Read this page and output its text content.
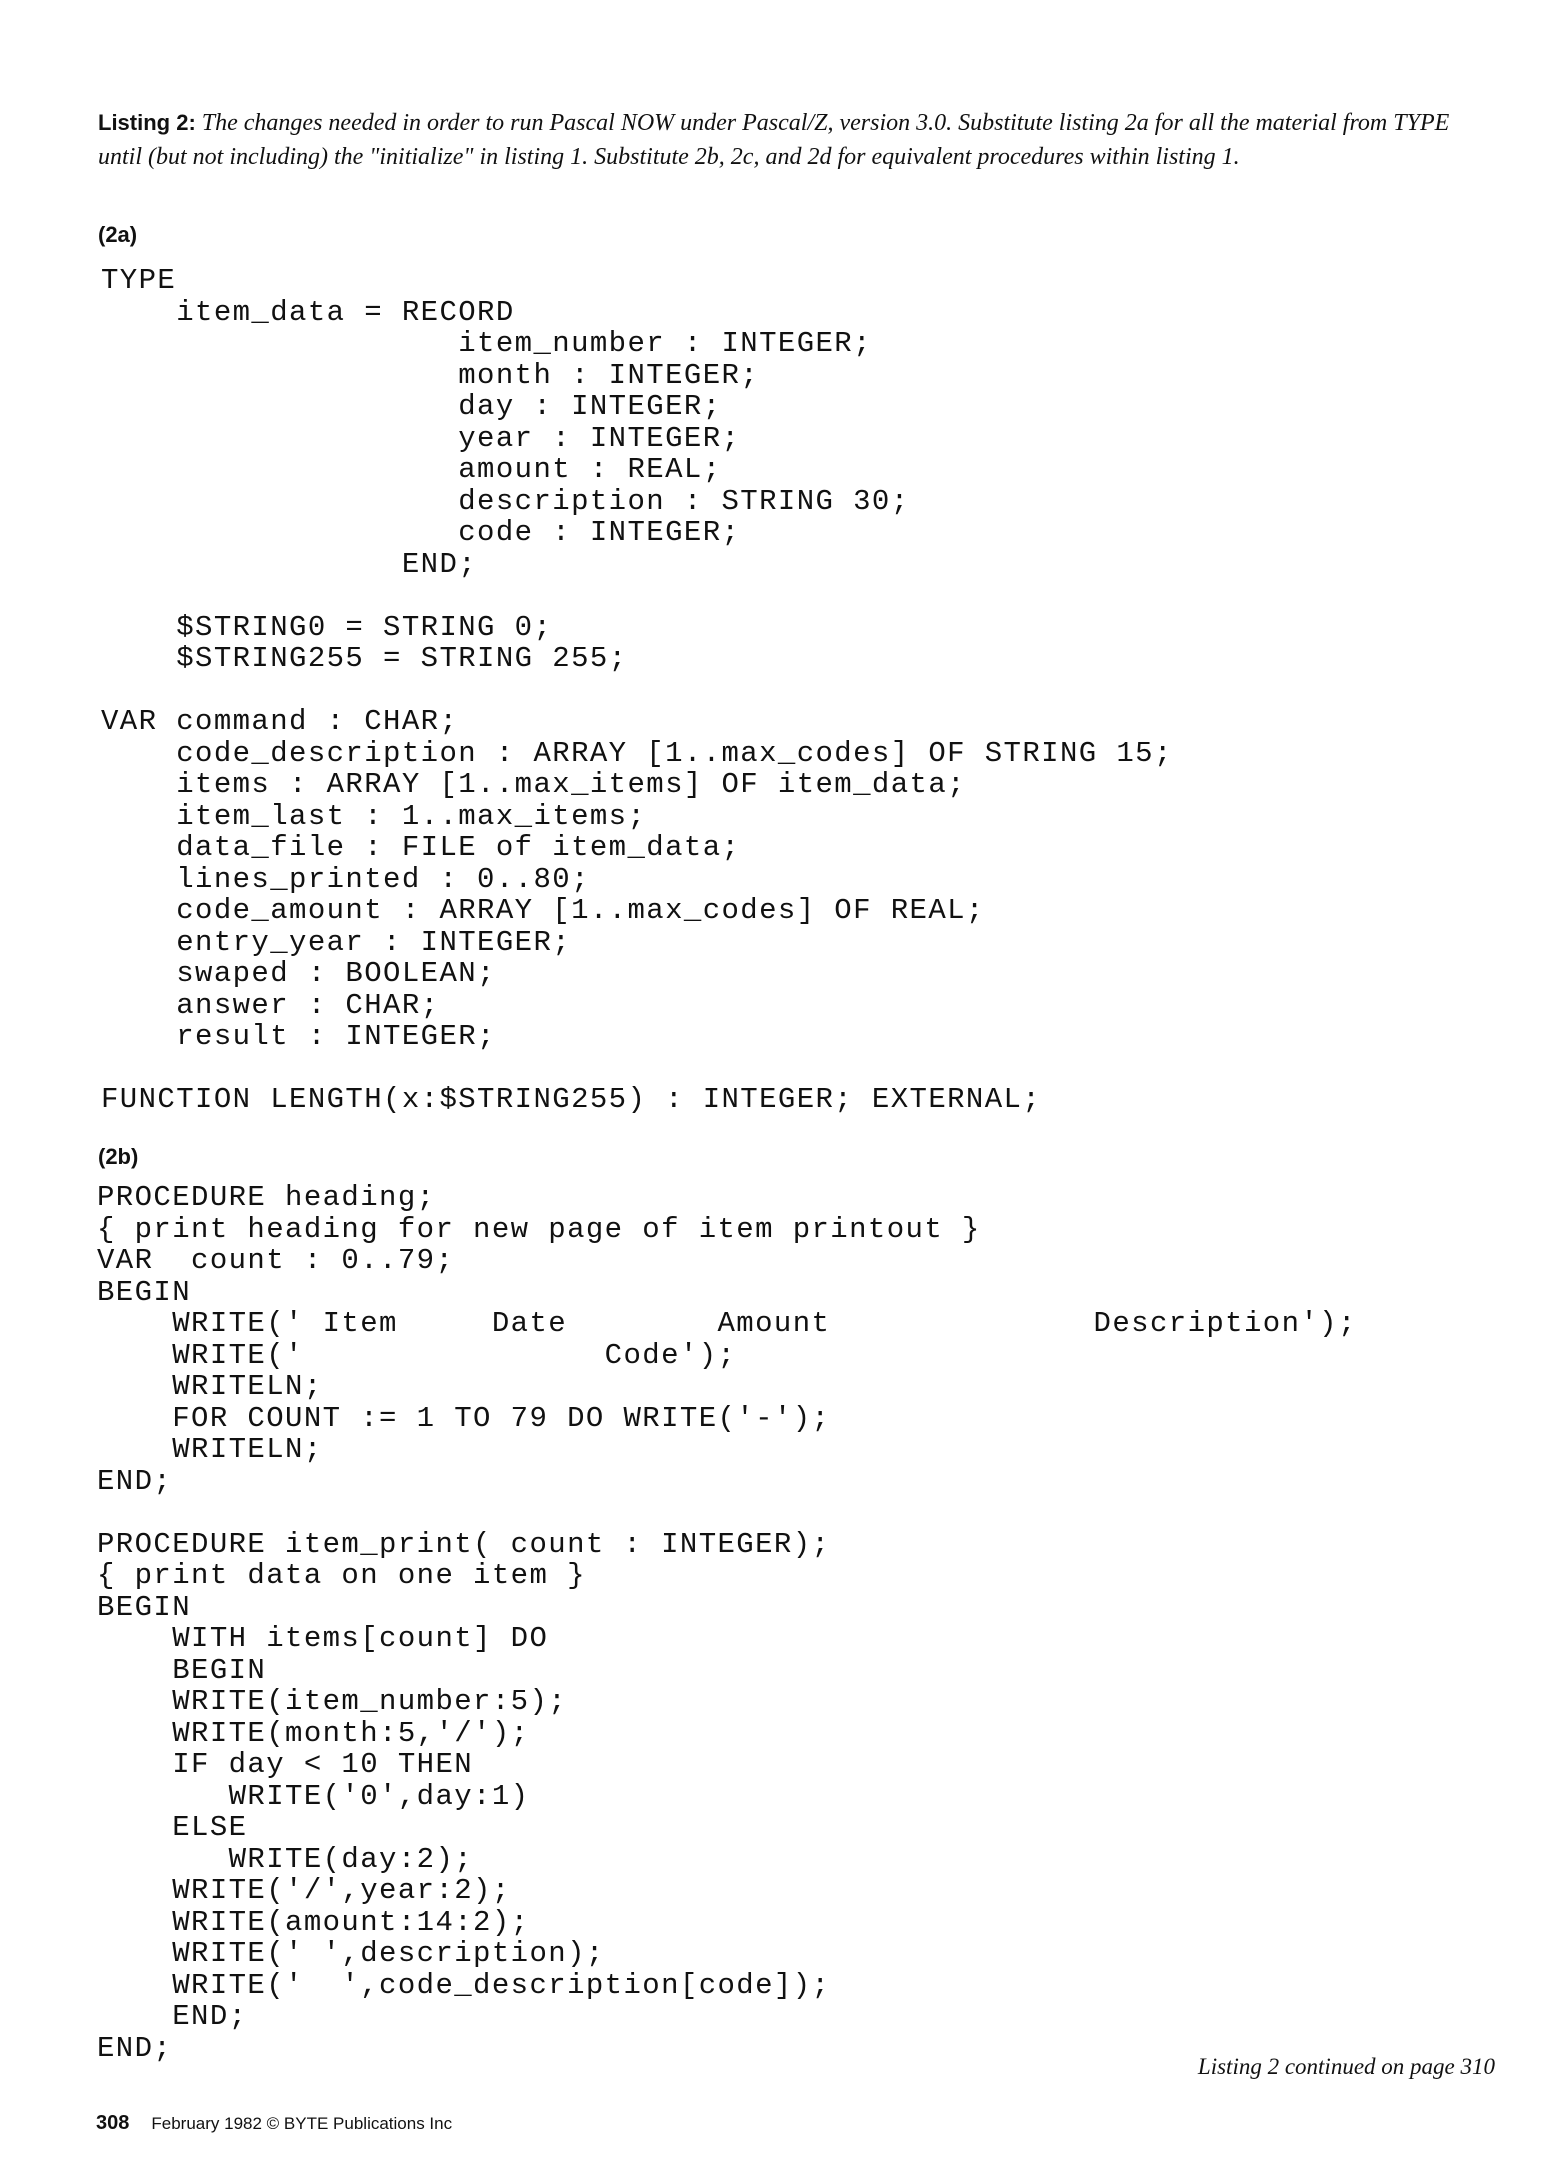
Listing 2: The changes needed in order to run Pascal NOW under Pascal/Z, version 3.0. Substitute listing 2a for all the material from TYPE until (but not including) the "initialize" in listing 1. Substitute 2b, 2c, and 2d for equivalent procedures within listing 1.

(2a)

TYPE
item_data = RECORD
item_number : INTEGER;
month : INTEGER;
day : INTEGER;
year : INTEGER;
amount : REAL;
description : STRING 30;
code : INTEGER;
END;

$STRING0 = STRING 0;
$STRING255 = STRING 255;

VAR command : CHAR;
code_description : ARRAY [1..max_codes] OF STRING 15;
items : ARRAY [1..max_items] OF item_data;
item_last : 1..max_items;
data_file : FILE of item_data;
lines_printed : 0..80;
code_amount : ARRAY [1..max_codes] OF REAL;
entry_year : INTEGER;
swaped : BOOLEAN;
answer : CHAR;
result : INTEGER;

FUNCTION LENGTH(x:$STRING255) : INTEGER; EXTERNAL;

(2b)

PROCEDURE heading;
{ print heading for new page of item printout }
VAR  count : 0..79;
BEGIN
WRITE(' Item     Date        Amount              Description');
WRITE('                Code');
WRITELN;
FOR COUNT := 1 TO 79 DO WRITE('-');
WRITELN;
END;

PROCEDURE item_print( count : INTEGER);
{ print data on one item }
BEGIN
WITH items[count] DO
BEGIN
WRITE(item_number:5);
WRITE(month:5,'/');
IF day < 10 THEN
WRITE('0',day:1)
ELSE
WRITE(day:2);
WRITE('/',year:2);
WRITE(amount:14:2);
WRITE(' ',description);
WRITE('  ',code_description[code]);
END;
END;

Listing 2 continued on page 310

308 February 1982 © BYTE Publications Inc
